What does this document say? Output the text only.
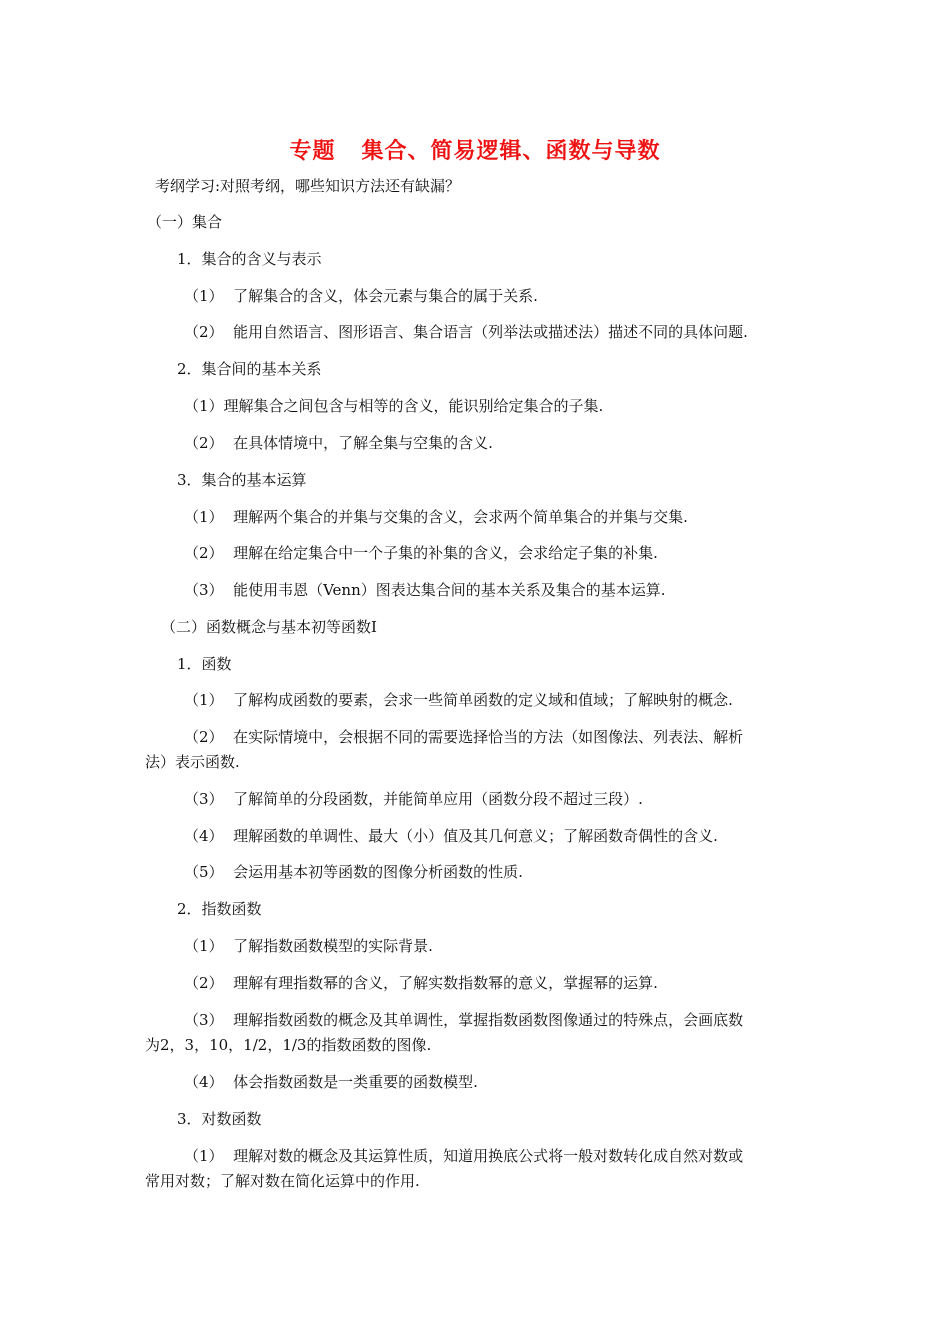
专题   集合、简易逻辑、函数与导数
考纲学习:对照考纲，哪些知识方法还有缺漏？
（一）集合
1．集合的含义与表示
（1）  了解集合的含义，体会元素与集合的属于关系.
（2）  能用自然语言、图形语言、集合语言（列举法或描述法）描述不同的具体问题.
2．集合间的基本关系
（1）理解集合之间包含与相等的含义，能识别给定集合的子集.
（2）  在具体情境中，了解全集与空集的含义.
3．集合的基本运算
（1）  理解两个集合的并集与交集的含义，会求两个简单集合的并集与交集.
（2）  理解在给定集合中一个子集的补集的含义，会求给定子集的补集.
（3）  能使用韦恩（Venn）图表达集合间的基本关系及集合的基本运算.
（二）函数概念与基本初等函数Ⅰ
1．函数
（1）  了解构成函数的要素，会求一些简单函数的定义域和值域；了解映射的概念.
（2）  在实际情境中，会根据不同的需要选择恰当的方法（如图像法、列表法、解析
法）表示函数.
（3）  了解简单的分段函数，并能简单应用（函数分段不超过三段）.
（4）  理解函数的单调性、最大（小）值及其几何意义；了解函数奇偶性的含义.
（5）  会运用基本初等函数的图像分析函数的性质.
2．指数函数
（1）  了解指数函数模型的实际背景.
（2）  理解有理指数幂的含义，了解实数指数幂的意义，掌握幂的运算.
（3）  理解指数函数的概念及其单调性，掌握指数函数图像通过的特殊点，会画底数
为2，3，10，1/2，1/3的指数函数的图像.
（4）  体会指数函数是一类重要的函数模型.
3．对数函数
（1）  理解对数的概念及其运算性质，知道用换底公式将一般对数转化成自然对数或
常用对数；了解对数在简化运算中的作用.
